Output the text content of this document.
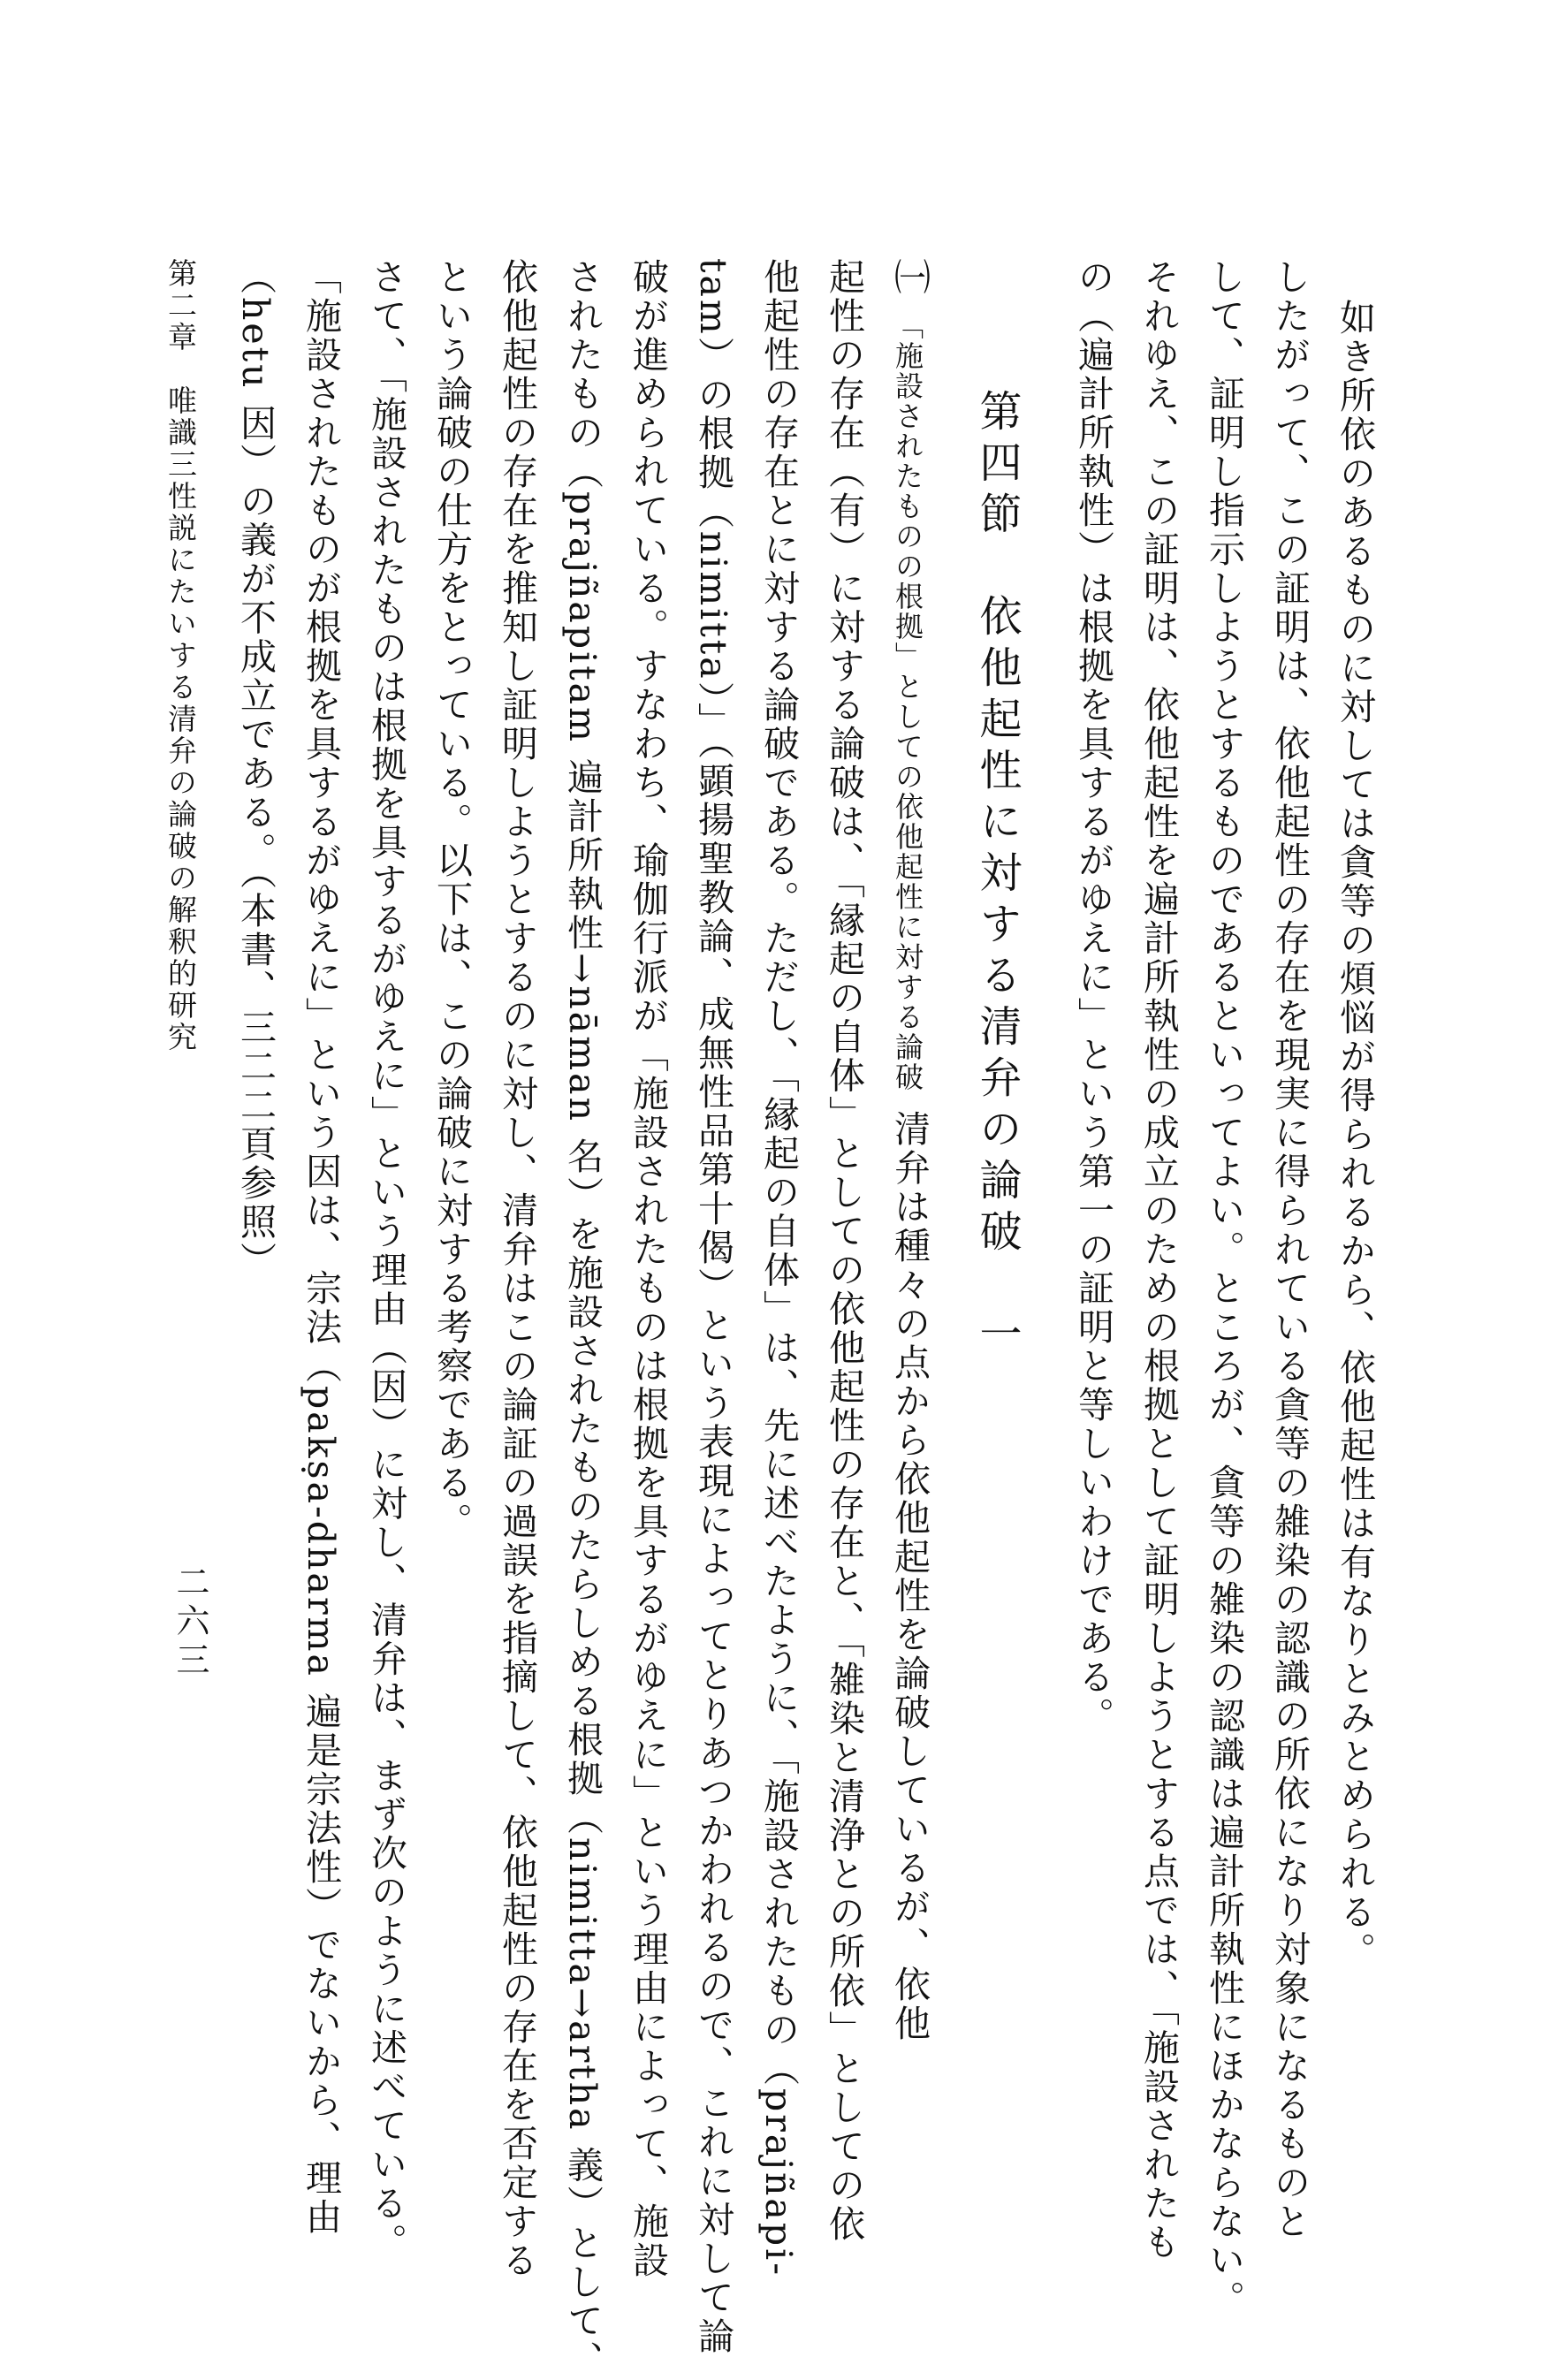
如き所依のあるものに対しては貪等の煩悩が得られるから、依他起性は有なりとみとめられる。
したがって、この証明は、依他起性の存在を現実に得られている貪等の雑染の認識の所依になり対象になるものと
して、証明し指示しようとするものであるといってよい。ところが、貪等の雑染の認識は遍計所執性にほかならない。
それゆえ、この証明は、依他起性を遍計所執性の成立のための根拠として証明しようとする点では、「施設されたも
の（遍計所執性）は根拠を具するがゆえに」という第一の証明と等しいわけである。
第四節　依他起性に対する清弁の論破　一
㈠
「施設されたものの根拠」としての依他起性に対する論破
清弁は種々の点から依他起性を論破しているが、依他
起性の存在（有）に対する論破は、「縁起の自体」としての依他起性の存在と、「雑染と清浄との所依」としての依
他起性の存在とに対する論破である。ただし、「縁起の自体」は、先に述べたように、「施設されたもの（prajñapi-
tam）の根拠（nimitta）」（顕揚聖教論、成無性品第十偈）という表現によってとりあつかわれるので、これに対して論
破が進められている。すなわち、瑜伽行派が「施設されたものは根拠を具するがゆえに」という理由によって、施設
されたもの（prajñapitam 遍計所執性→nāman 名）を施設されたものたらしめる根拠（nimitta→artha 義）として、
依他起性の存在を推知し証明しようとするのに対し、清弁はこの論証の過誤を指摘して、依他起性の存在を否定する
という論破の仕方をとっている。以下は、この論破に対する考察である。
さて、「施設されたものは根拠を具するがゆえに」という理由（因）に対し、清弁は、まず次のように述べている。
「施設されたものが根拠を具するがゆえに」という因は、宗法（pakṣa-dharma 遍是宗法性）でないから、理由
（hetu 因）の義が不成立である。（本書、三二二頁参照）
第二章　唯識三性説にたいする清弁の論破の解釈的研究
二六三
